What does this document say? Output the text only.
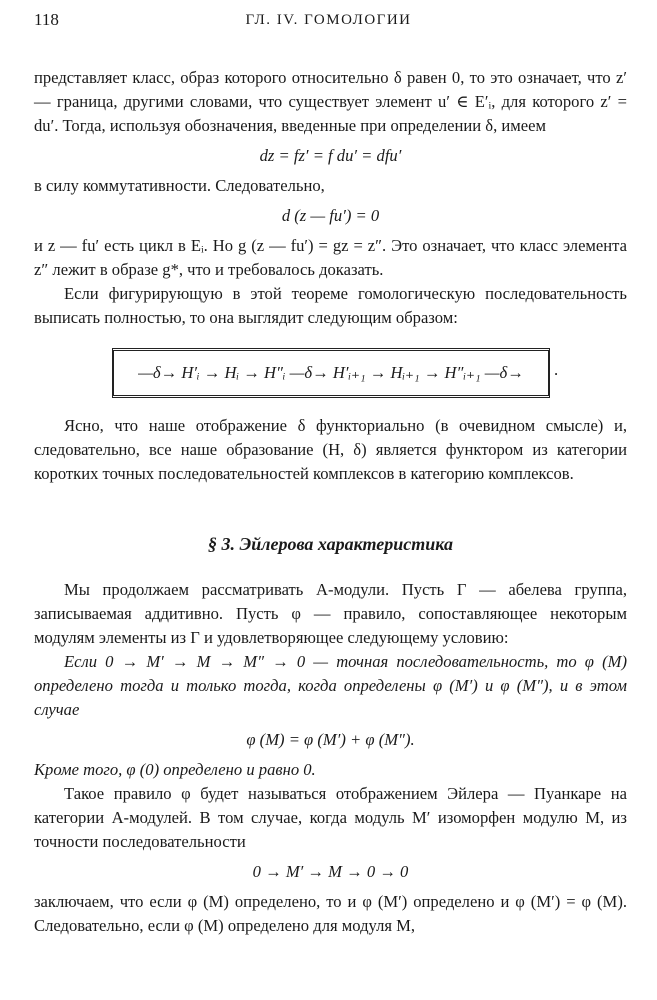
118	ГЛ. IV. ГОМОЛОГИИ

представляет класс, образ которого относительно δ равен 0, то это означает, что z′ — граница, другими словами, что существует элемент u′ ∈ E′ᵢ, для которого z′ = du′. Тогда, используя обозначения, введенные при определении δ, имеем

dz = fz′ = f du′ = dfu′

в силу коммутативности. Следовательно,

d (z — fu′) = 0

и z — fu′ есть цикл в Eᵢ. Но g (z — fu′) = gz = z″. Это означает, что класс элемента z″ лежит в образе g*, что и требовалось доказать.

Если фигурирующую в этой теореме гомологическую последовательность выписать полностью, то она выглядит следующим образом:

—δ→ H′ᵢ → Hᵢ → H″ᵢ —δ→ H′ᵢ₊₁ → Hᵢ₊₁ → H″ᵢ₊₁ —δ→	.

Ясно, что наше отображение δ функториально (в очевидном смысле) и, следовательно, все наше образование (H, δ) является функтором из категории коротких точных последовательностей комплексов в категорию комплексов.

§ 3. Эйлерова характеристика

Мы продолжаем рассматривать A-модули. Пусть Γ — абелева группа, записываемая аддитивно. Пусть φ — правило, сопоставляющее некоторым модулям элементы из Γ и удовлетворяющее следующему условию:

Если 0 → M′ → M → M″ → 0 — точная последовательность, то φ (M) определено тогда и только тогда, когда определены φ (M′) и φ (M″), и в этом случае

φ (M) = φ (M′) + φ (M″).

Кроме того, φ (0) определено и равно 0.

Такое правило φ будет называться отображением Эйлера — Пуанкаре на категории A-модулей. В том случае, когда модуль M′ изоморфен модулю M, из точности последовательности

0 → M′ → M → 0 → 0

заключаем, что если φ (M) определено, то и φ (M′) определено и φ (M′) = φ (M). Следовательно, если φ (M) определено для модуля M,
